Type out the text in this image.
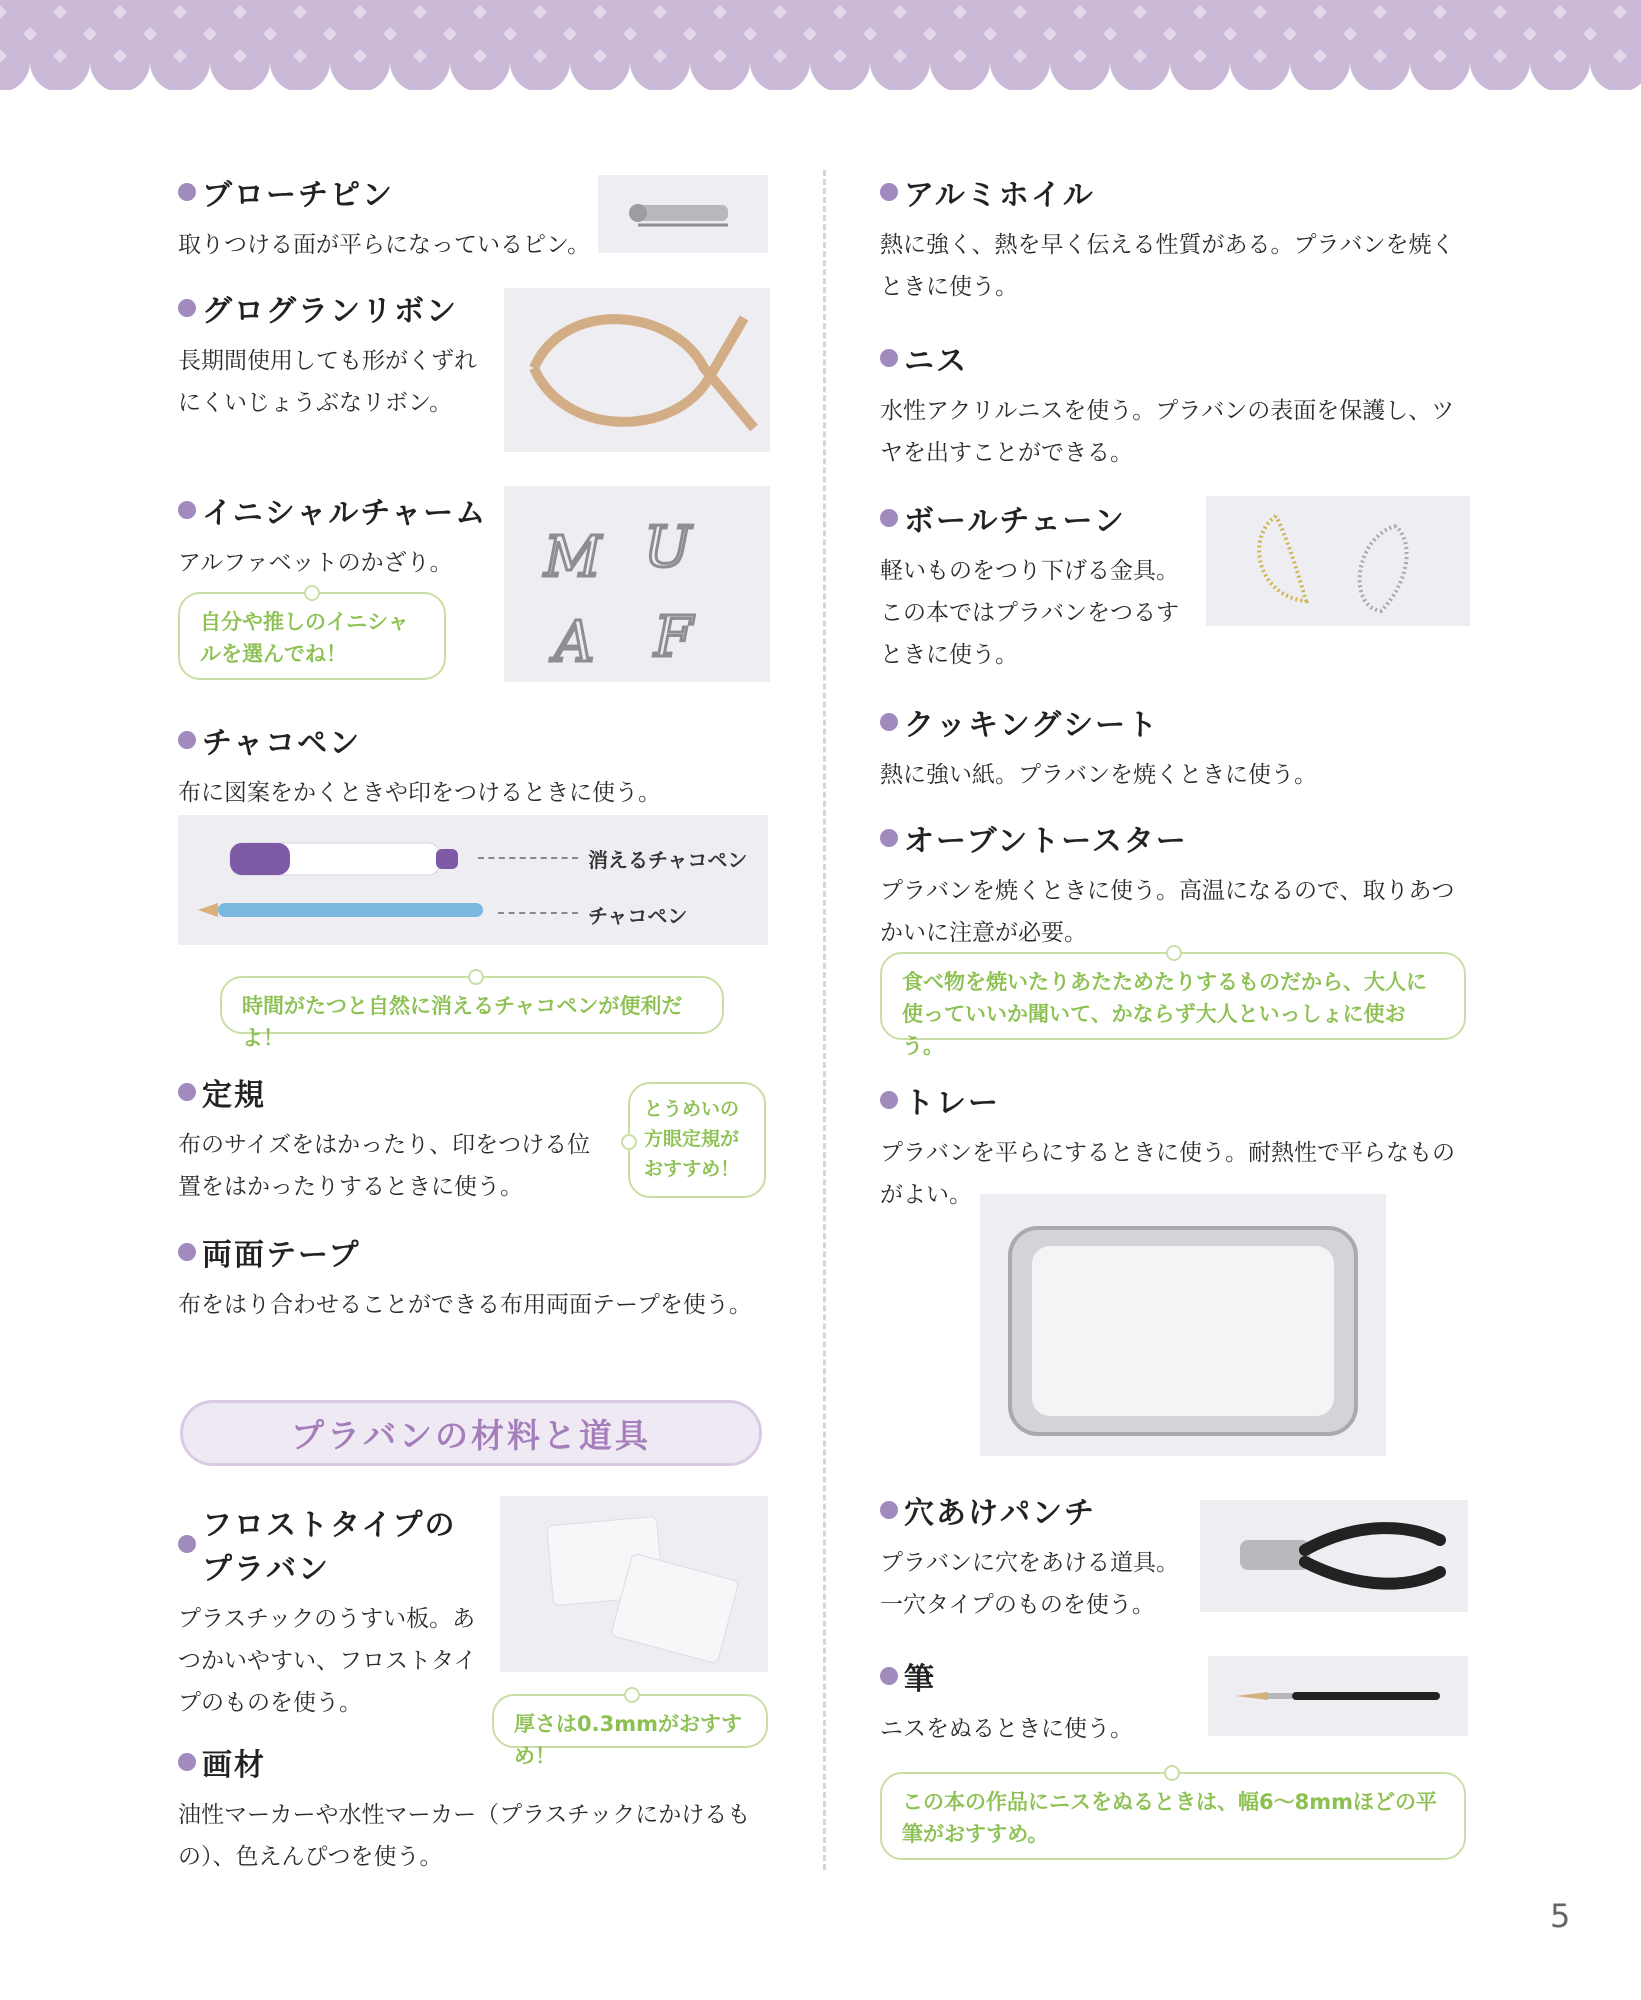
ブローチピン

取りつける面が平らになっているピン。

グログランリボン

長期間使用しても形がくずれにくいじょうぶなリボン。

イニシャルチャーム

アルファベットのかざり。	M U
A F
自分や推しのイニシャルを選んでね！
チャコペン

布に図案をかくときや印をつけるときに使う。

消えるチャコペン
チャコペン
時間がたつと自然に消えるチャコペンが便利だよ！
定規

布のサイズをはかったり、印をつける位置をはかったりするときに使う。

とうめいの方眼定規がおすすめ！
両面テープ

布をはり合わせることができる布用両面テープを使う。

フロストタイプのプラバン

プラスチックのうすい板。あつかいやすい、フロストタイプのものを使う。

厚さは0.3mmがおすすめ！
画材

油性マーカーや水性マーカー（プラスチックにかけるもの）、色えんぴつを使う。

プラバンの材料と道具
アルミホイル

熱に強く、熱を早く伝える性質がある。プラバンを焼くときに使う。

ニス

水性アクリルニスを使う。プラバンの表面を保護し、ツヤを出すことができる。

ボールチェーン

軽いものをつり下げる金具。この本ではプラバンをつるすときに使う。

クッキングシート

熱に強い紙。プラバンを焼くときに使う。

オーブントースター

プラバンを焼くときに使う。高温になるので、取りあつかいに注意が必要。

食べ物を焼いたりあたためたりするものだから、大人に使っていいか聞いて、かならず大人といっしょに使おう。
トレー

プラバンを平らにするときに使う。耐熱性で平らなものがよい。

穴あけパンチ

プラバンに穴をあける道具。一穴タイプのものを使う。

筆

ニスをぬるときに使う。

この本の作品にニスをぬるときは、幅6〜8mmほどの平筆がおすすめ。
5
